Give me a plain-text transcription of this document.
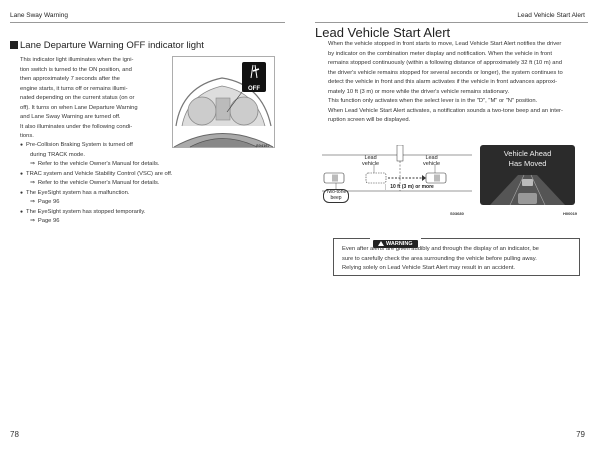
Lane Sway Warning	Lead Vehicle Start Alert
Lane Departure Warning OFF indicator light
This indicator light illuminates when the igni-
tion switch is turned to the ON position, and
then approximately 7 seconds after the
engine starts, it turns off or remains illumi-
nated depending on the current status (on or
off). It turns on when Lane Departure Warning
and Lane Sway Warning are turned off.
It also illuminates under the following condi-
tions.
OFF
S04167
● Pre-Collision Braking System is turned off
during TRACK mode.
⇒ Refer to the vehicle Owner's Manual for details.
● TRAC system and Vehicle Stability Control (VSC) are off.
⇒ Refer to the vehicle Owner's Manual for details.
● The EyeSight system has a malfunction.
⇒ Page 96
● The EyeSight system has stopped temporarily.
⇒ Page 96
78
Lead Vehicle Start Alert
When the vehicle stopped in front starts to move, Lead Vehicle Start Alert notifies the driver
by indicator on the combination meter display and notification. When the vehicle in front
remains stopped continuously (within a following distance of approximately 32 ft (10 m) and
the driver's vehicle remains stopped for several seconds or longer), the system continues to
detect the vehicle in front and this alarm activates if the vehicle in front advances approxi-
mately 10 ft (3 m) or more while the driver's vehicle remains stationary.
This function only activates when the select lever is in the "D", "M" or "N" position.
When Lead Vehicle Start Alert activates, a notification sounds a two-tone beep and an inter-
ruption screen will be displayed.
Lead
vehicle
Lead
vehicle
10 ft (3 m) or more
Two-tone
beep
S03680
Vehicle Ahead
Has Moved
H00019
WARNING
Even after alerts are given audibly and through the display of an indicator, be
sure to carefully check the area surrounding the vehicle before pulling away.
Relying solely on Lead Vehicle Start Alert may result in an accident.
79
